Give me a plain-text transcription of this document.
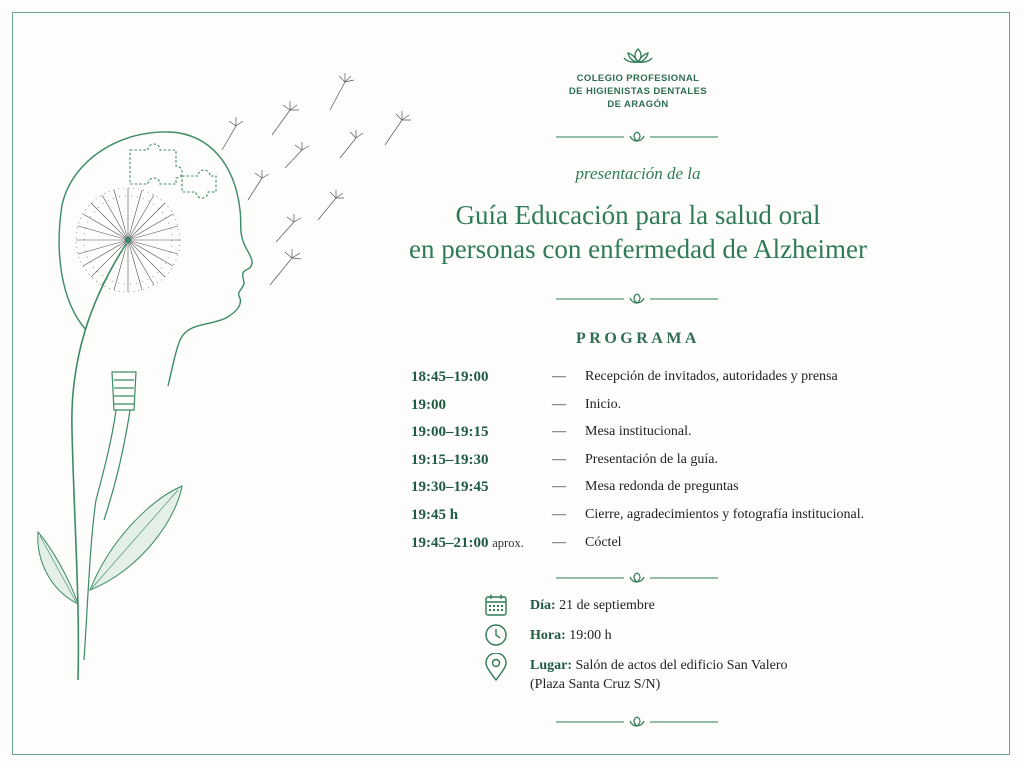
COLEGIO PROFESIONAL
DE HIGIENISTAS DENTALES
DE ARAGÓN
presentación de la
Guía Educación para la salud oral
en personas con enfermedad de Alzheimer
PROGRAMA
18:45–19:00	— Recepción de invitados, autoridades y prensa
19:00	— Inicio.
19:00–19:15	— Mesa institucional.
19:15–19:30	— Presentación de la guía.
19:30–19:45	— Mesa redonda de preguntas
19:45 h	— Cierre, agradecimientos y fotografía institucional.
19:45–21:00 aprox. — Cóctel
Día: 21 de septiembre
Hora: 19:00 h
Lugar: Salón de actos del edificio San Valero
(Plaza Santa Cruz S/N)
